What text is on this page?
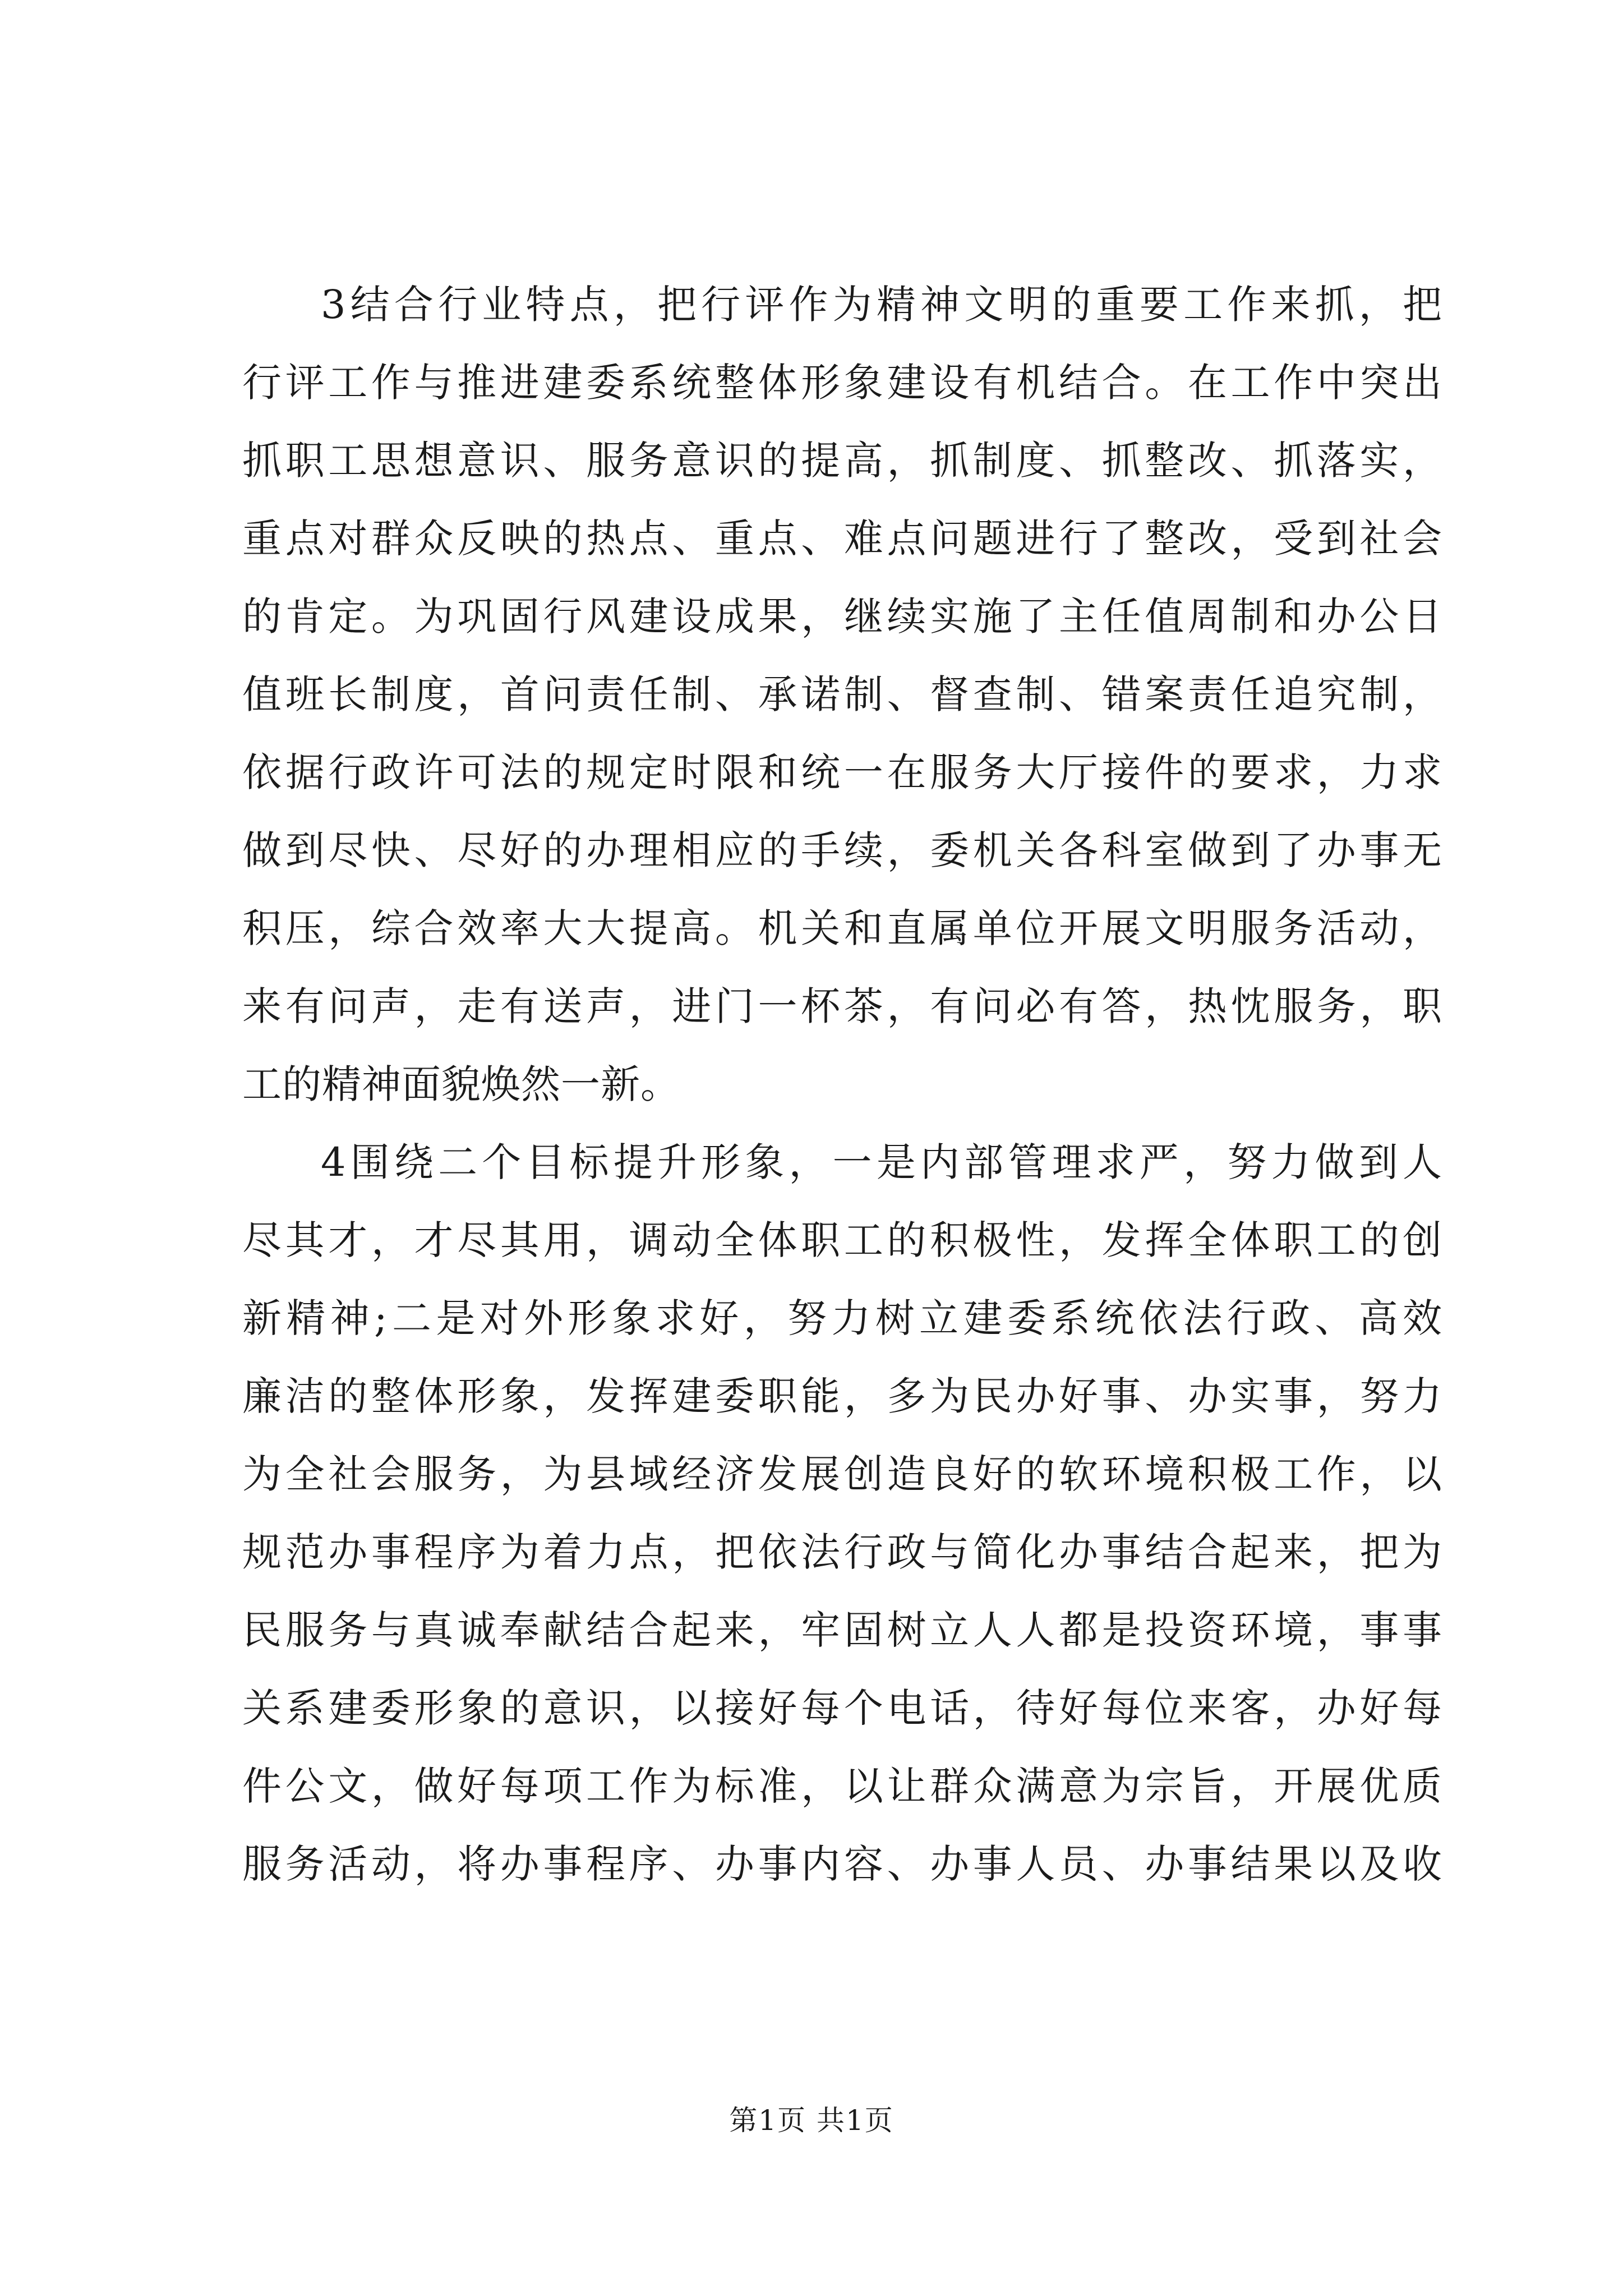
3结合行业特点，把行评作为精神文明的重要工作来抓，把
行评工作与推进建委系统整体形象建设有机结合。在工作中突出
抓职工思想意识、服务意识的提高，抓制度、抓整改、抓落实，
重点对群众反映的热点、重点、难点问题进行了整改，受到社会
的肯定。为巩固行风建设成果，继续实施了主任值周制和办公日
值班长制度，首问责任制、承诺制、督查制、错案责任追究制，
依据行政许可法的规定时限和统一在服务大厅接件的要求，力求
做到尽快、尽好的办理相应的手续，委机关各科室做到了办事无
积压，综合效率大大提高。机关和直属单位开展文明服务活动，
来有问声，走有送声，进门一杯茶，有问必有答，热忱服务，职
工的精神面貌焕然一新。
4围绕二个目标提升形象，一是内部管理求严，努力做到人
尽其才，才尽其用，调动全体职工的积极性，发挥全体职工的创
新精神;二是对外形象求好，努力树立建委系统依法行政、高效
廉洁的整体形象，发挥建委职能，多为民办好事、办实事，努力
为全社会服务，为县域经济发展创造良好的软环境积极工作，以
规范办事程序为着力点，把依法行政与简化办事结合起来，把为
民服务与真诚奉献结合起来，牢固树立人人都是投资环境，事事
关系建委形象的意识，以接好每个电话，待好每位来客，办好每
件公文，做好每项工作为标准，以让群众满意为宗旨，开展优质
服务活动，将办事程序、办事内容、办事人员、办事结果以及收
第1页 共1页
